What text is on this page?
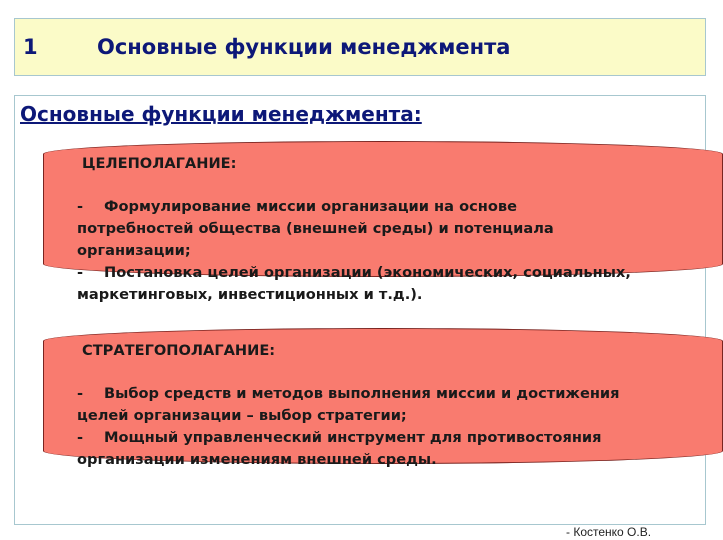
1	Основные функции менеджмента
Основные функции менеджмента:
ЦЕЛЕПОЛАГАНИЕ:
- Формулирование миссии организации на основе
потребностей общества (внешней среды) и потенциала
организации;
- Постановка целей организации (экономических, социальных,
маркетинговых, инвестиционных и т.д.).
СТРАТЕГОПОЛАГАНИЕ:
- Выбор средств и методов выполнения миссии и достижения
целей организации – выбор стратегии;
- Мощный управленческий инструмент для противостояния
организации изменениям внешней среды.
- Костенко О.В.
